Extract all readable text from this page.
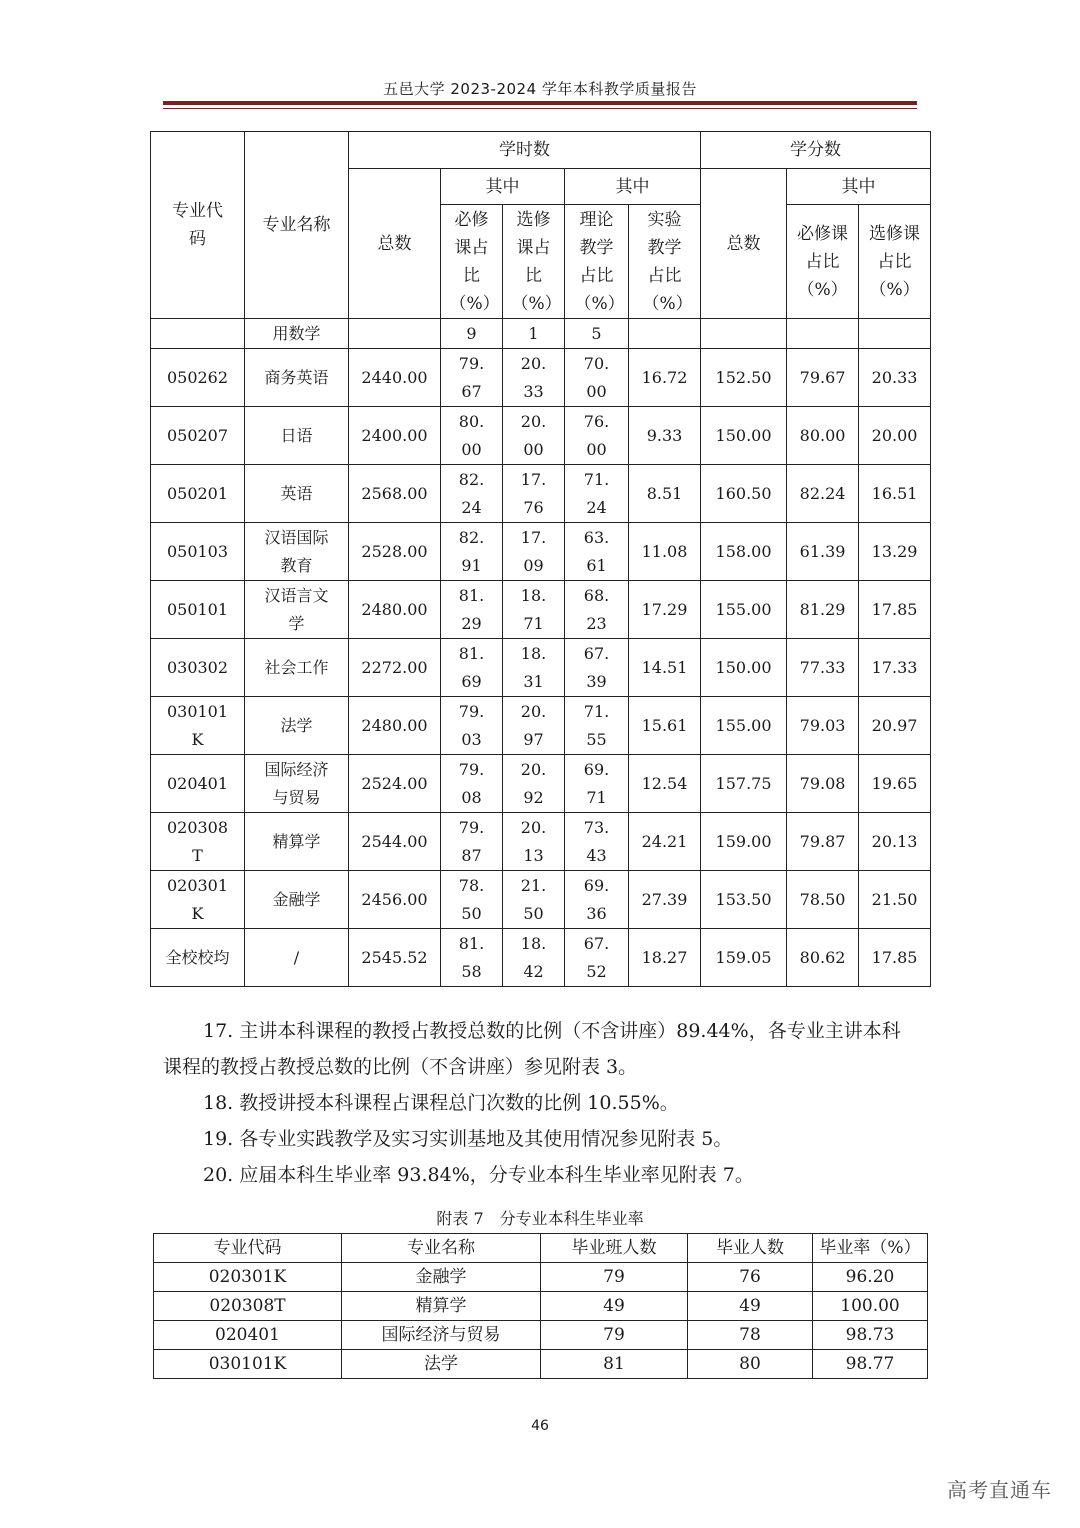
五邑大学 2023-2024 学年本科教学质量报告
专业代码	专业名称	学时数					学分数		
		总数	其中		其中		总数	其中	

			必修课占比（%）	选修课占比（%）	理论教学占比（%）	实验教学占比（%）		必修课占比（%）	选修课占比（%）

	用数学		9	1	5				

050262	商务英语	2440.00	79.67	20.33	70.00	16.72	152.50	79.67	20.33

050207	日语	2400.00	80.00	20.00	76.00	9.33	150.00	80.00	20.00

050201	英语	2568.00	82.24	17.76	71.24	8.51	160.50	82.24	16.51

050103	汉语国际教育	2528.00	82.91	17.09	63.61	11.08	158.00	61.39	13.29

050101	汉语言文学	2480.00	81.29	18.71	68.23	17.29	155.00	81.29	17.85

030302	社会工作	2272.00	81.69	18.31	67.39	14.51	150.00	77.33	17.33

030101K	法学	2480.00	79.03	20.97	71.55	15.61	155.00	79.03	20.97

020401	国际经济与贸易	2524.00	79.08	20.92	69.71	12.54	157.75	79.08	19.65

020308T	精算学	2544.00	79.87	20.13	73.43	24.21	159.00	79.87	20.13

020301K	金融学	2456.00	78.50	21.50	69.36	27.39	153.50	78.50	21.50

全校校均	/	2545.52	81.58	18.42	67.52	18.27	159.05	80.62	17.85
17. 主讲本科课程的教授占教授总数的比例（不含讲座）89.44%，各专业主讲本科课程的教授占教授总数的比例（不含讲座）参见附表 3。
18. 教授讲授本科课程占课程总门次数的比例 10.55%。
19. 各专业实践教学及实习实训基地及其使用情况参见附表 5。
20. 应届本科生毕业率 93.84%，分专业本科生毕业率见附表 7。
附表 7　分专业本科生毕业率
专业代码	专业名称	毕业班人数	毕业人数	毕业率（%）
020301K	金融学	79	76	96.20
020308T	精算学	49	49	100.00
020401	国际经济与贸易	79	78	98.73
030101K	法学	81	80	98.77
46
高考直通车
